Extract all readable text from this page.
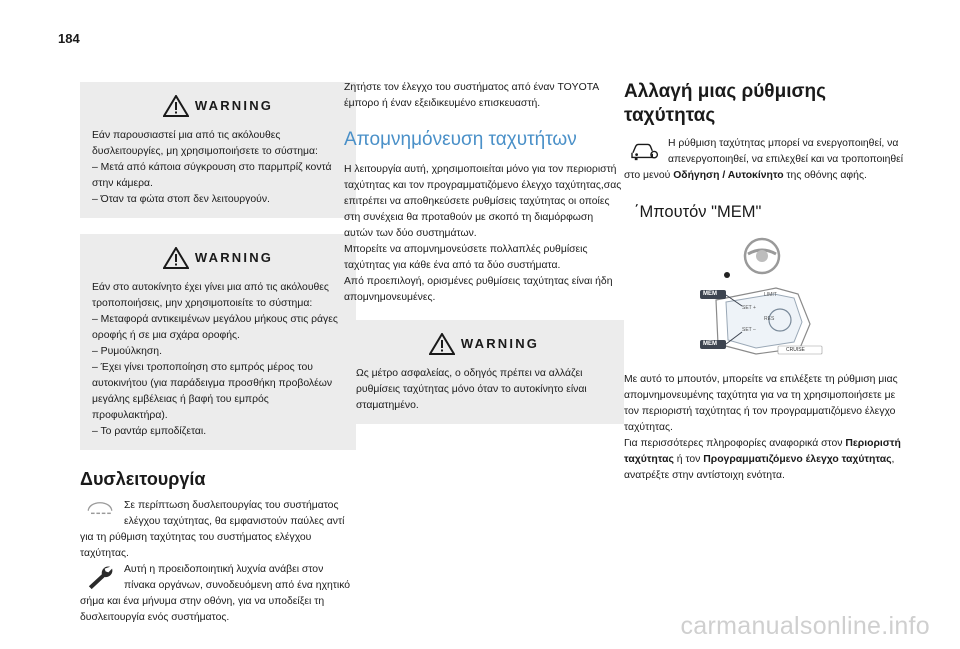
184
WARNING

Εάν παρουσιαστεί μια από τις ακόλουθες δυσλειτουργίες, μη χρησιμοποιήσετε το σύστημα:

– Μετά από κάποια σύγκρουση στο παρμπρίζ κοντά στην κάμερα.

– Όταν τα φώτα στοπ δεν λειτουργούν.

WARNING

Εάν στο αυτοκίνητο έχει γίνει μια από τις ακόλουθες τροποποιήσεις, μην χρησιμοποιείτε το σύστημα:

– Μεταφορά αντικειμένων μεγάλου μήκους στις ράγες οροφής ή σε μια σχάρα οροφής.

– Ρυμούλκηση.

– Έχει γίνει τροποποίηση στο εμπρός μέρος του αυτοκινήτου (για παράδειγμα προσθήκη προβολέων μεγάλης εμβέλειας ή βαφή του εμπρός προφυλακτήρα).

– Το ραντάρ εμποδίζεται.

Δυσλειτουργία
Σε περίπτωση δυσλειτουργίας του συστήματος ελέγχου ταχύτητας, θα εμφανιστούν παύλες αντί για τη ρύθμιση ταχύτητας του συστήματος ελέγχου ταχύτητας.
Αυτή η προειδοποιητική λυχνία ανάβει στον πίνακα οργάνων, συνοδευόμενη από ένα ηχητικό σήμα και ένα μήνυμα στην οθόνη, για να υποδείξει τη δυσλειτουργία ενός συστήματος.

Ζητήστε τον έλεγχο του συστήματος από έναν TOYOTA έμπορο ή έναν εξειδικευμένο επισκευαστή.

Απομνημόνευση ταχυτήτων

Η λειτουργία αυτή, χρησιμοποιείται μόνο για τον περιοριστή ταχύτητας και τον προγραμματιζόμενο έλεγχο ταχύτητας,σας επιτρέπει να αποθηκεύσετε ρυθμίσεις ταχύτητας οι οποίες στη συνέχεια θα προταθούν με σκοπό τη διαμόρφωση αυτών των δύο συστημάτων.

Μπορείτε να απομνημονεύσετε πολλαπλές ρυθμίσεις ταχύτητας για κάθε ένα από τα δύο συστήματα.

Από προεπιλογή, ορισμένες ρυθμίσεις ταχύτητας είναι ήδη απομνημονευμένες.

WARNING

Ως μέτρο ασφαλείας, ο οδηγός πρέπει να αλλάζει ρυθμίσεις ταχύτητας μόνο όταν το αυτοκίνητο είναι σταματημένο.

Αλλαγή μιας ρύθμισης ταχύτητας
Η ρύθμιση ταχύτητας μπορεί να ενεργοποιηθεί, να απενεργοποιηθεί, να επιλεχθεί και να τροποποιηθεί στο μενού Οδήγηση / Αυτοκίνητο της οθόνης αφής.
΄Μπουτόν "MEM"
MEM
MEM
LIMIT
SET +
SET –
RES
CRUISE

Με αυτό το μπουτόν, μπορείτε να επιλέξετε τη ρύθμιση μιας απομνημονευμένης ταχύτητα για να τη χρησιμοποιήσετε με τον περιοριστή ταχύτητας ή τον προγραμματιζόμενο έλεγχο ταχύτητας.

Για περισσότερες πληροφορίες αναφορικά στον Περιοριστή ταχύτητας ή τον Προγραμματιζόμενο έλεγχο ταχύτητας, ανατρέξτε στην αντίστοιχη ενότητα.

carmanualsonline.info
